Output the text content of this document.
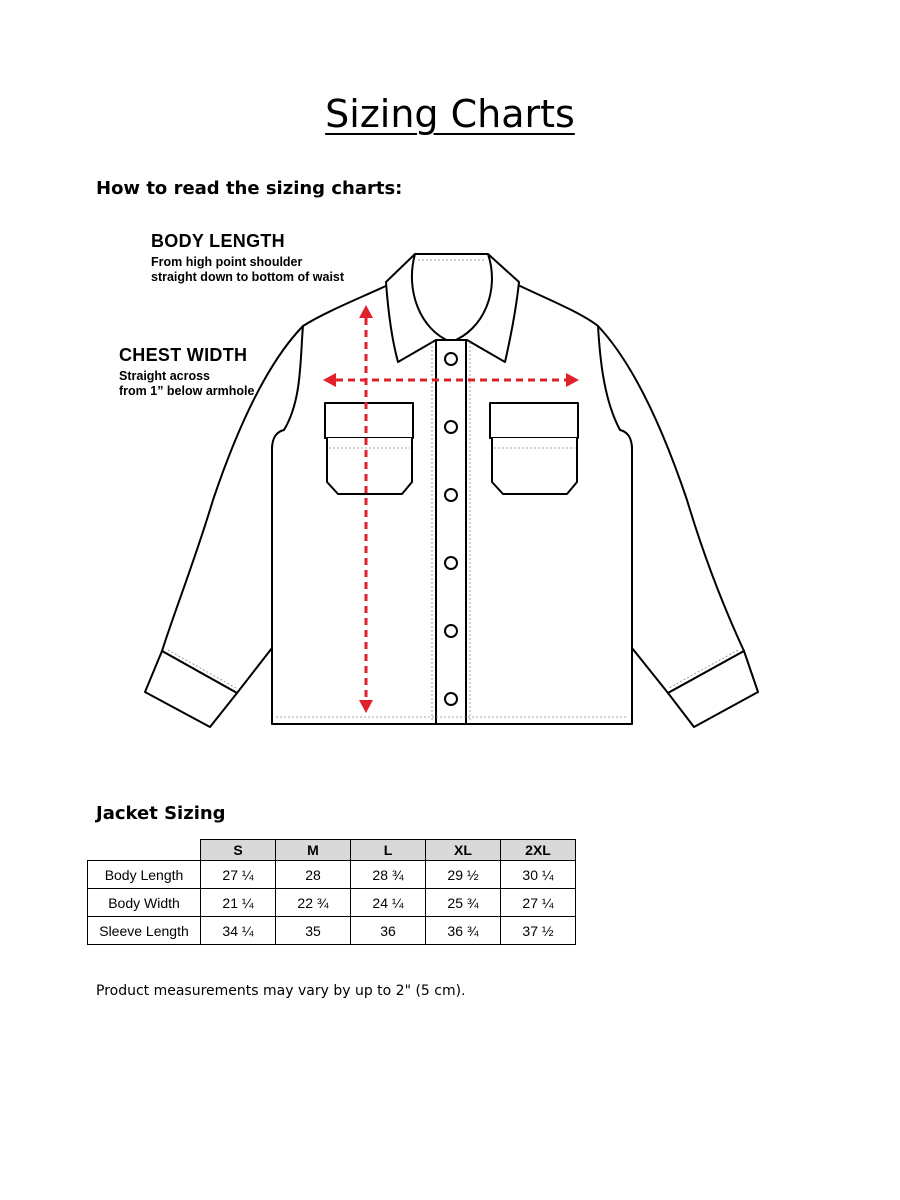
Sizing Charts
How to read the sizing charts:
BODY LENGTH
From high point shoulder
straight down to bottom of waist
CHEST WIDTH
Straight across
from 1” below armhole
Jacket Sizing
	S	M	L	XL	2XL
Body Length	27 ¼	28	28 ¾	29 ½	30 ¼
Body Width	21 ¼	22 ¾	24 ¼	25 ¾	27 ¼
Sleeve Length	34 ¼	35	36	36 ¾	37 ½
Product measurements may vary by up to 2" (5 cm).
